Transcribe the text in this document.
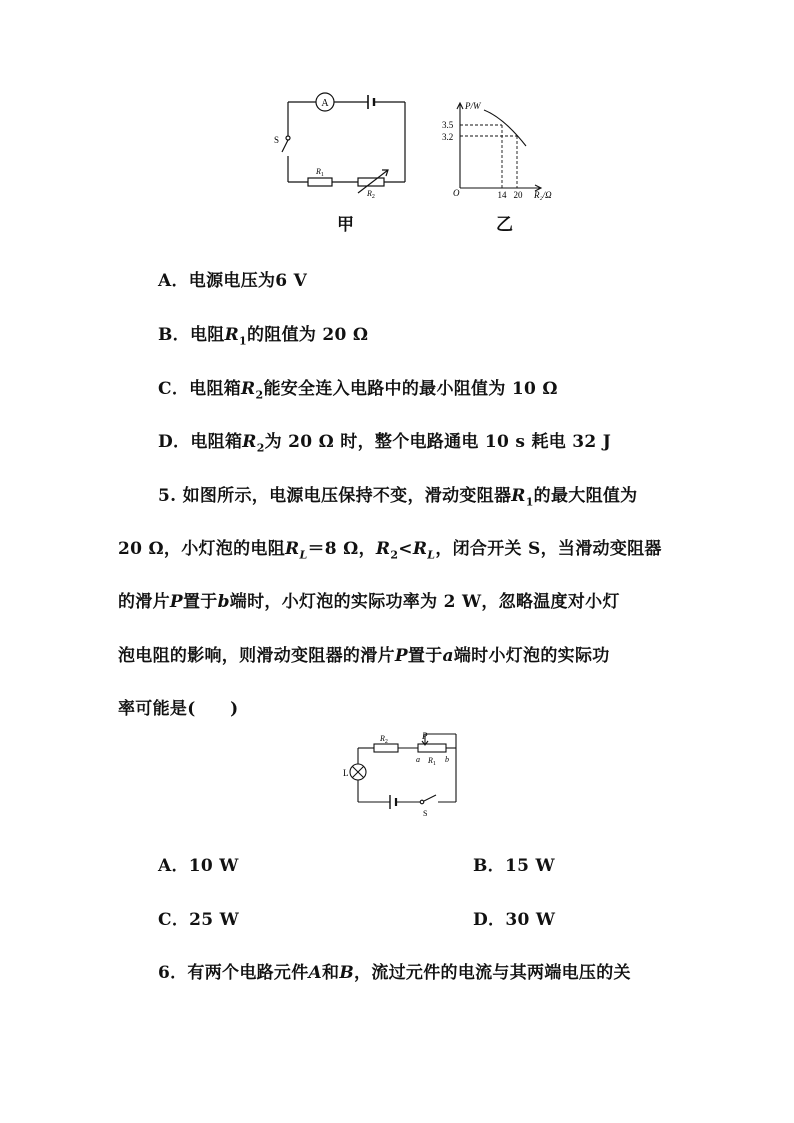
A
S
$R_1$
$R_2$
甲
P/W
3.5
3.2
O	14 20 R₂/Ω
乙
A．电源电压为6 V
B．电阻$R_1$的阻值为 20 Ω
C．电阻箱$R_2$能安全连入电路中的最小阻值为 10 Ω
D．电阻箱$R_2$为 20 Ω 时，整个电路通电 10 s 耗电 32 J
5. 如图所示，电源电压保持不变，滑动变阻器$R_1$的最大阻值为
20 Ω，小灯泡的电阻$R_L=8$ Ω，$R_2<R_L$，闭合开关 S，当滑动变阻器
的滑片P置于b端时，小灯泡的实际功率为 2 W，忽略温度对小灯
泡电阻的影响，则滑动变阻器的滑片P置于a端时小灯泡的实际功
率可能是(　　)
$R_2$
P
a $R_1$ b
L
S
A．10 W	B．15 W
C．25 W	D．30 W
6．有两个电路元件A和B，流过元件的电流与其两端电压的关
